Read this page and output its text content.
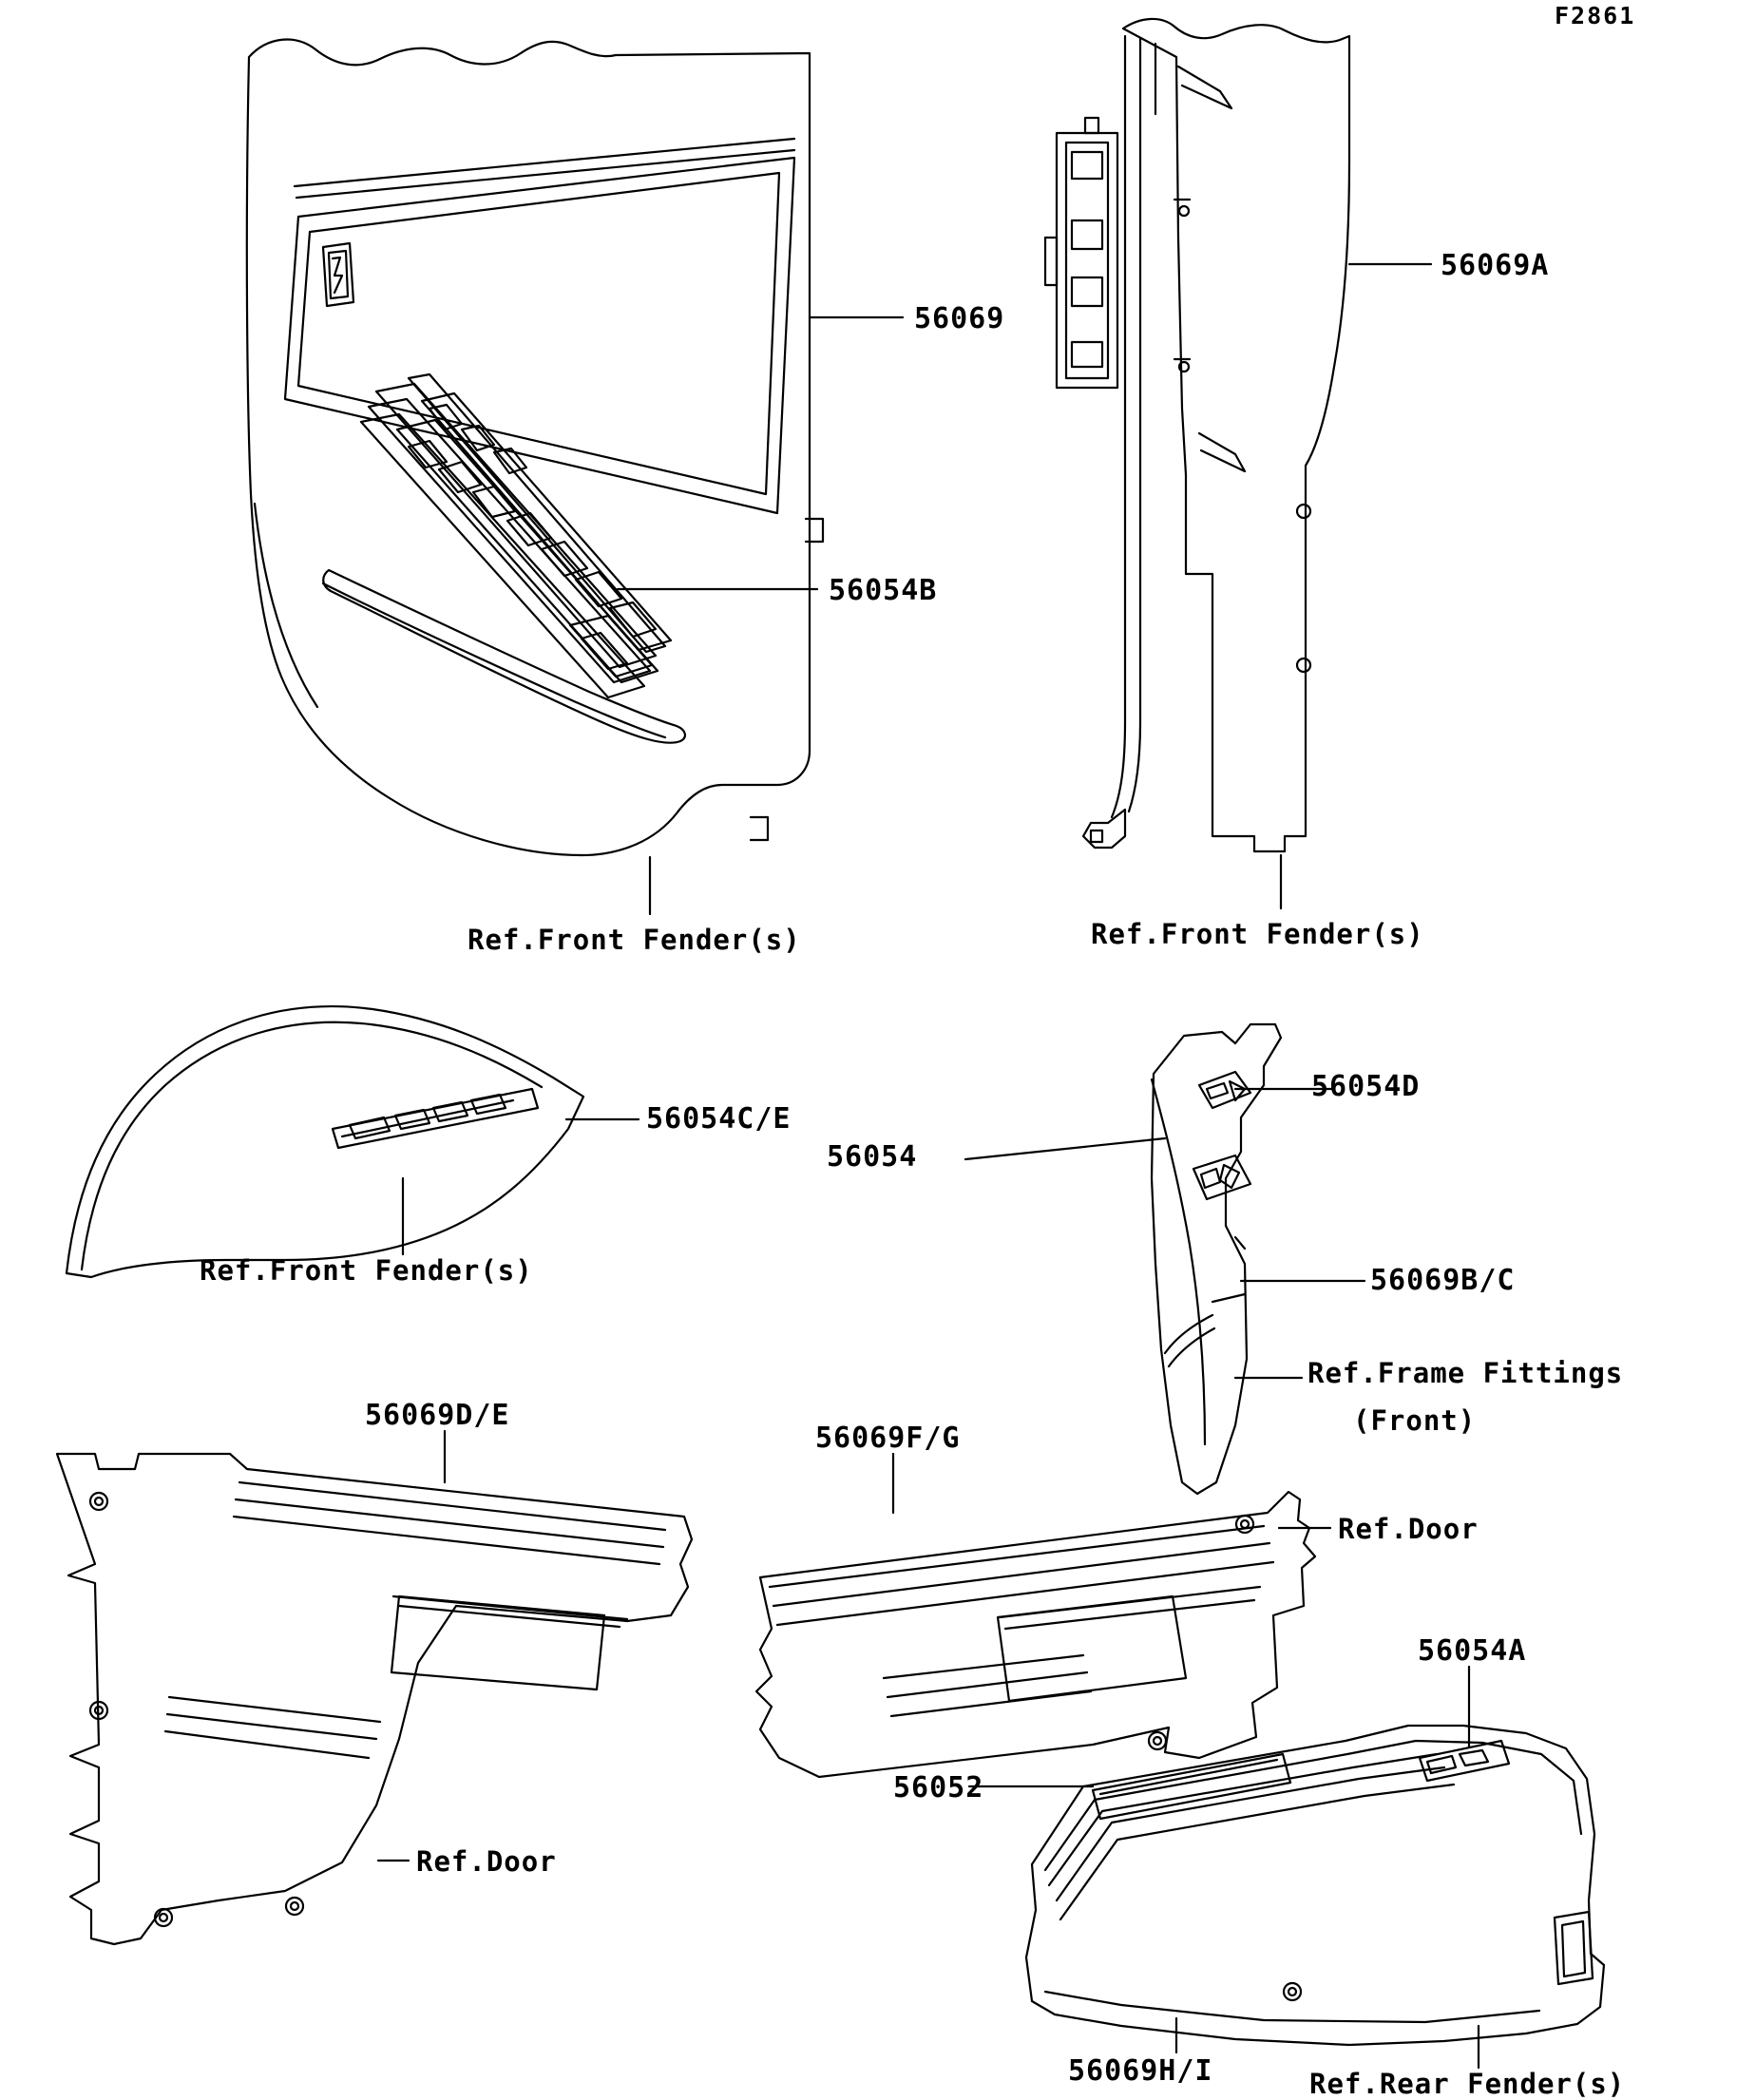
F2861
56069
56054B
56069A
Ref.Front Fender(s)	Ref.Front Fender(s)
56054C/E
Ref.Front Fender(s)
56054D
56054
56069B/C
Ref.Frame Fittings
(Front)
56069D/E
56069F/G
Ref.Door
Ref.Door
56054A
56052
56069H/I	Ref.Rear Fender(s)
